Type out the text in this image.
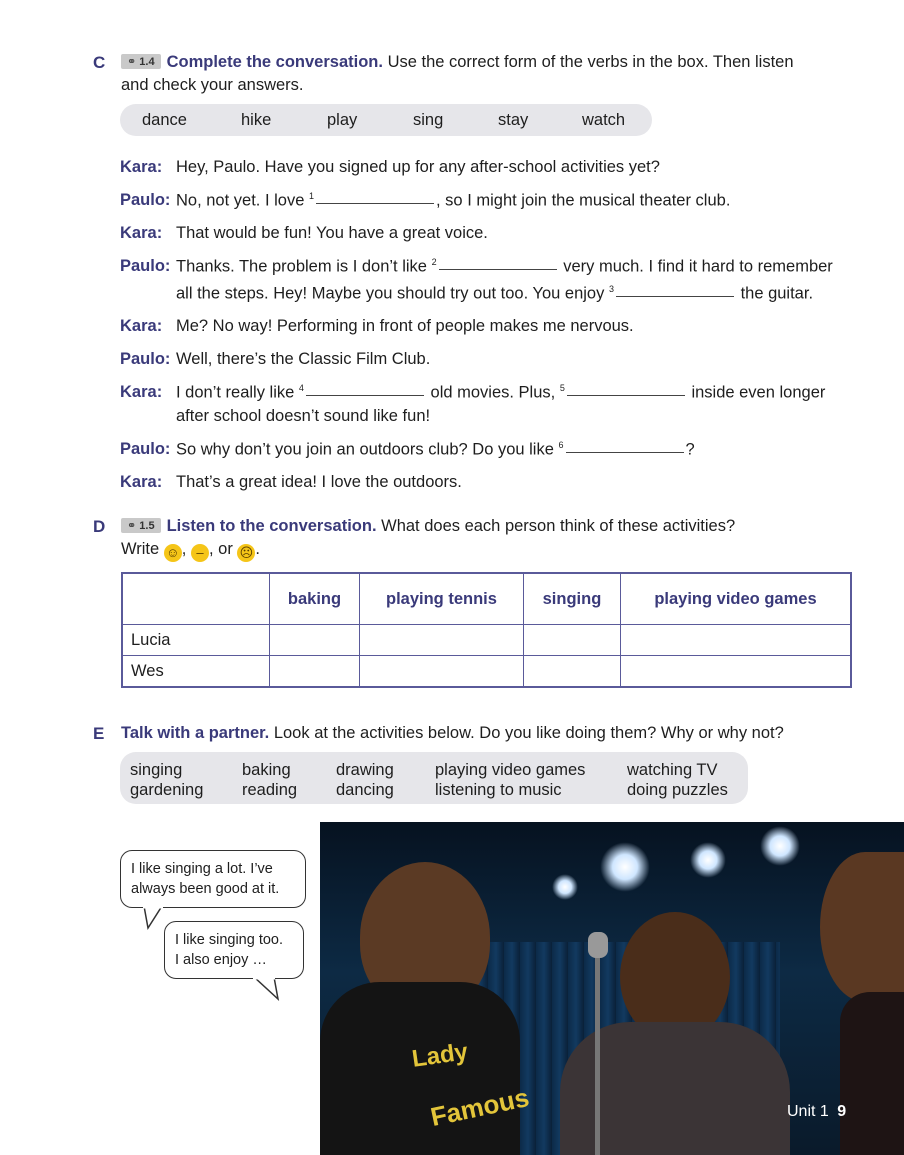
C	⚭ 1.4 Complete the conversation. Use the correct form of the verbs in the box. Then listen
and check your answers.
dance	hike	play	sing	stay	watch
Kara: Hey, Paulo. Have you signed up for any after-school activities yet?
Paulo: No, not yet. I love $^1$	, so I might join the musical theater club.
Kara: That would be fun! You have a great voice.
Paulo: Thanks. The problem is I don’t like $^2$	very much. I find it hard to remember
all the steps. Hey! Maybe you should try out too. You enjoy $^3$	the guitar.
Kara: Me? No way! Performing in front of people makes me nervous.
Paulo: Well, there’s the Classic Film Club.
Kara: I don’t really like $^4$	old movies. Plus, $^5$	inside even longer
after school doesn’t sound like fun!
Paulo: So why don’t you join an outdoors club? Do you like $^6$	?
Kara: That’s a great idea! I love the outdoors.
D	⚭ 1.5 Listen to the conversation. What does each person think of these activities?
Write ☺ , ‒ , or ☹ .
	baking	playing tennis	singing	playing video games
Lucia				
Wes				
E Talk with a partner. Look at the activities below. Do you like doing them? Why or why not?
singing
gardening
baking
reading
drawing
dancing
playing video games
listening to music
watching TV
doing puzzles
I like singing a lot. I’ve
always been good at it.
I like singing too.
I also enjoy …
Lady
Famous	Unit 1 9
